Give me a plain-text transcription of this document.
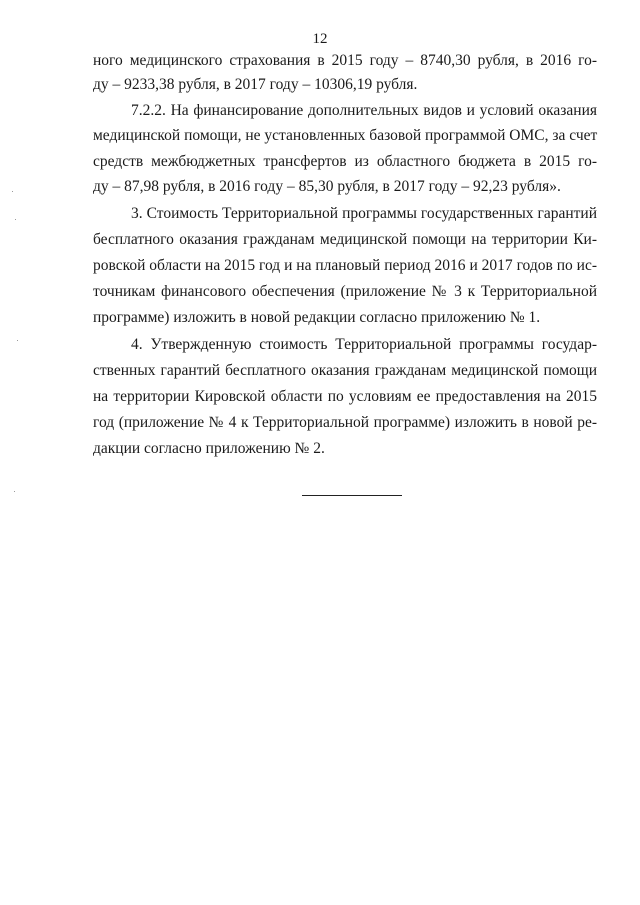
12
ного медицинского страхования в 2015 году – 8740,30 рубля, в 2016 го-
ду – 9233,38 рубля, в 2017 году – 10306,19 рубля.
7.2.2. На финансирование дополнительных видов и условий оказания
медицинской помощи, не установленных базовой программой ОМС, за счет
средств межбюджетных трансфертов из областного бюджета в 2015 го-
ду – 87,98 рубля, в 2016 году – 85,30 рубля, в 2017 году – 92,23 рубля».
3. Стоимость Территориальной программы государственных гарантий
бесплатного оказания гражданам медицинской помощи на территории Ки-
ровской области на 2015 год и на плановый период 2016 и 2017 годов по ис-
точникам финансового обеспечения (приложение № 3 к Территориальной
программе) изложить в новой редакции согласно приложению № 1.
4. Утвержденную стоимость Территориальной программы государ-
ственных гарантий бесплатного оказания гражданам медицинской помощи
на территории Кировской области по условиям ее предоставления на 2015
год (приложение № 4 к Территориальной программе) изложить в новой ре-
дакции согласно приложению № 2.
